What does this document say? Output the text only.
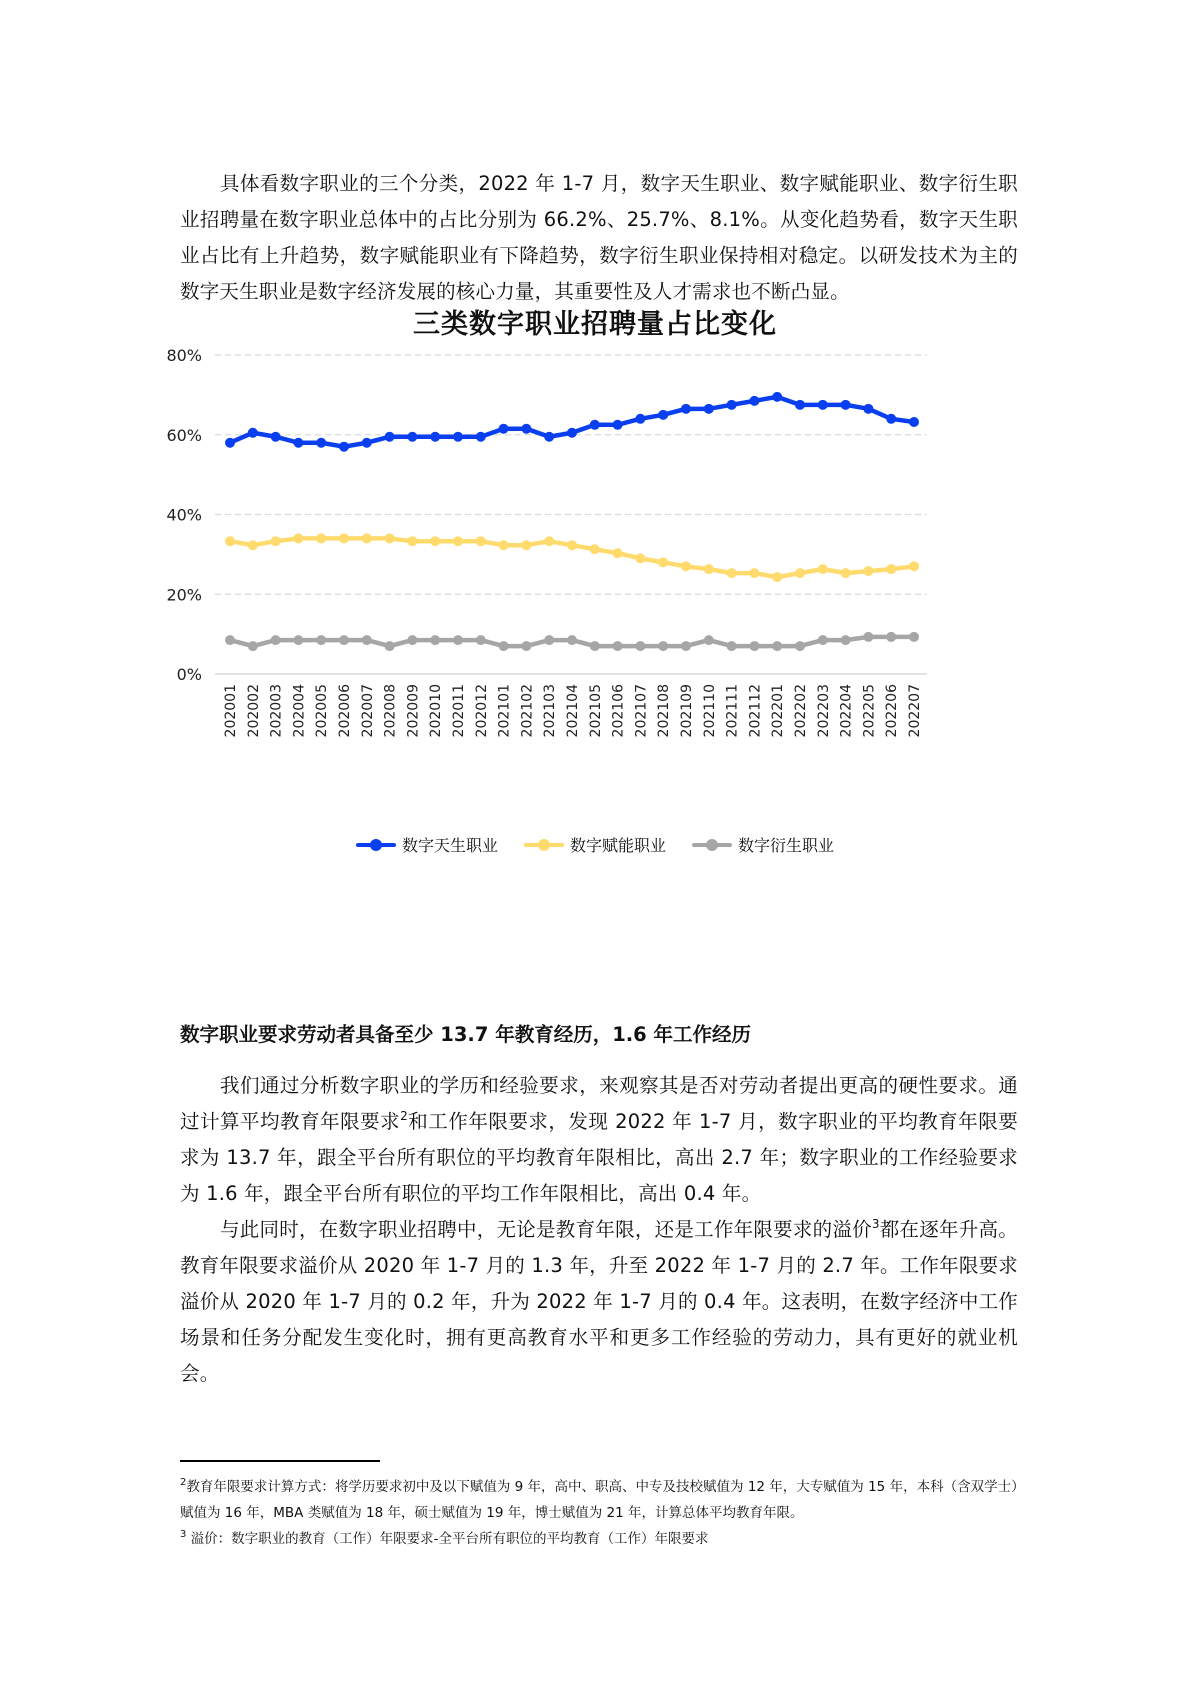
具体看数字职业的三个分类，2022 年 1-7 月，数字天生职业、数字赋能职业、数字衍生职业招聘量在数字职业总体中的占比分别为 66.2%、25.7%、8.1%。从变化趋势看，数字天生职业占比有上升趋势，数字赋能职业有下降趋势，数字衍生职业保持相对稳定。以研发技术为主的数字天生职业是数字经济发展的核心力量，其重要性及人才需求也不断凸显。

三类数字职业招聘量占比变化
0%
20%
40%
60%
80%
202001 202002 202003 202004 202005 202006 202007 202008 202009 202010 202011 202012 202101 202102 202103 202104 202105 202106 202107 202108 202109 202110 202111 202112 202201 202202 202203 202204 202205 202206 202207
数字天生职业	数字赋能职业	数字衍生职业
数字职业要求劳动者具备至少 13.7 年教育经历，1.6 年工作经历

我们通过分析数字职业的学历和经验要求，来观察其是否对劳动者提出更高的硬性要求。通过计算平均教育年限要求$^2$和工作年限要求，发现 2022 年 1-7 月，数字职业的平均教育年限要求为 13.7 年，跟全平台所有职位的平均教育年限相比，高出 2.7 年；数字职业的工作经验要求为 1.6 年，跟全平台所有职位的平均工作年限相比，高出 0.4 年。

与此同时，在数字职业招聘中，无论是教育年限，还是工作年限要求的溢价$^3$都在逐年升高。教育年限要求溢价从 2020 年 1-7 月的 1.3 年，升至 2022 年 1-7 月的 2.7 年。工作年限要求溢价从 2020 年 1-7 月的 0.2 年，升为 2022 年 1-7 月的 0.4 年。这表明，在数字经济中工作场景和任务分配发生变化时，拥有更高教育水平和更多工作经验的劳动力，具有更好的就业机会。

$^2$教育年限要求计算方式：将学历要求初中及以下赋值为 9 年，高中、职高、中专及技校赋值为 12 年，大专赋值为 15 年，本科（含双学士）赋值为 16 年，MBA 类赋值为 18 年，硕士赋值为 19 年，博士赋值为 21 年，计算总体平均教育年限。

$^3$ 溢价：数字职业的教育（工作）年限要求-全平台所有职位的平均教育（工作）年限要求
